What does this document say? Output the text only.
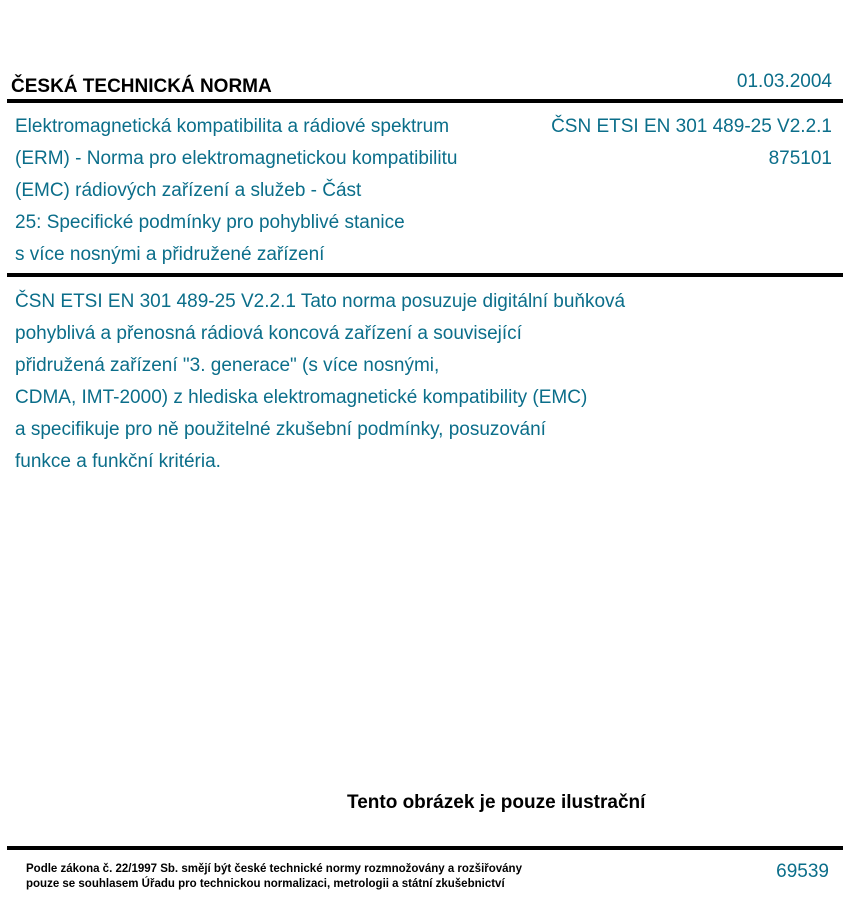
ČESKÁ TECHNICKÁ NORMA	01.03.2004
Elektromagnetická kompatibilita a rádiové spektrum
(ERM) - Norma pro elektromagnetickou kompatibilitu
(EMC) rádiových zařízení a služeb - Část
25: Specifické podmínky pro pohyblivé stanice
s více nosnými a přidružené zařízení
ČSN ETSI EN 301 489-25 V2.2.1
875101
ČSN ETSI EN 301 489-25 V2.2.1 Tato norma posuzuje digitální buňková
pohyblivá a přenosná rádiová koncová zařízení a související
přidružená zařízení "3. generace" (s více nosnými,
CDMA, IMT-2000) z hlediska elektromagnetické kompatibility (EMC)
a specifikuje pro ně použitelné zkušební podmínky, posuzování
funkce a funkční kritéria.
Tento obrázek je pouze ilustrační
Podle zákona č. 22/1997 Sb. smějí být české technické normy rozmnožovány a rozšiřovány
pouze se souhlasem Úřadu pro technickou normalizaci, metrologii a státní zkušebnictví
69539
